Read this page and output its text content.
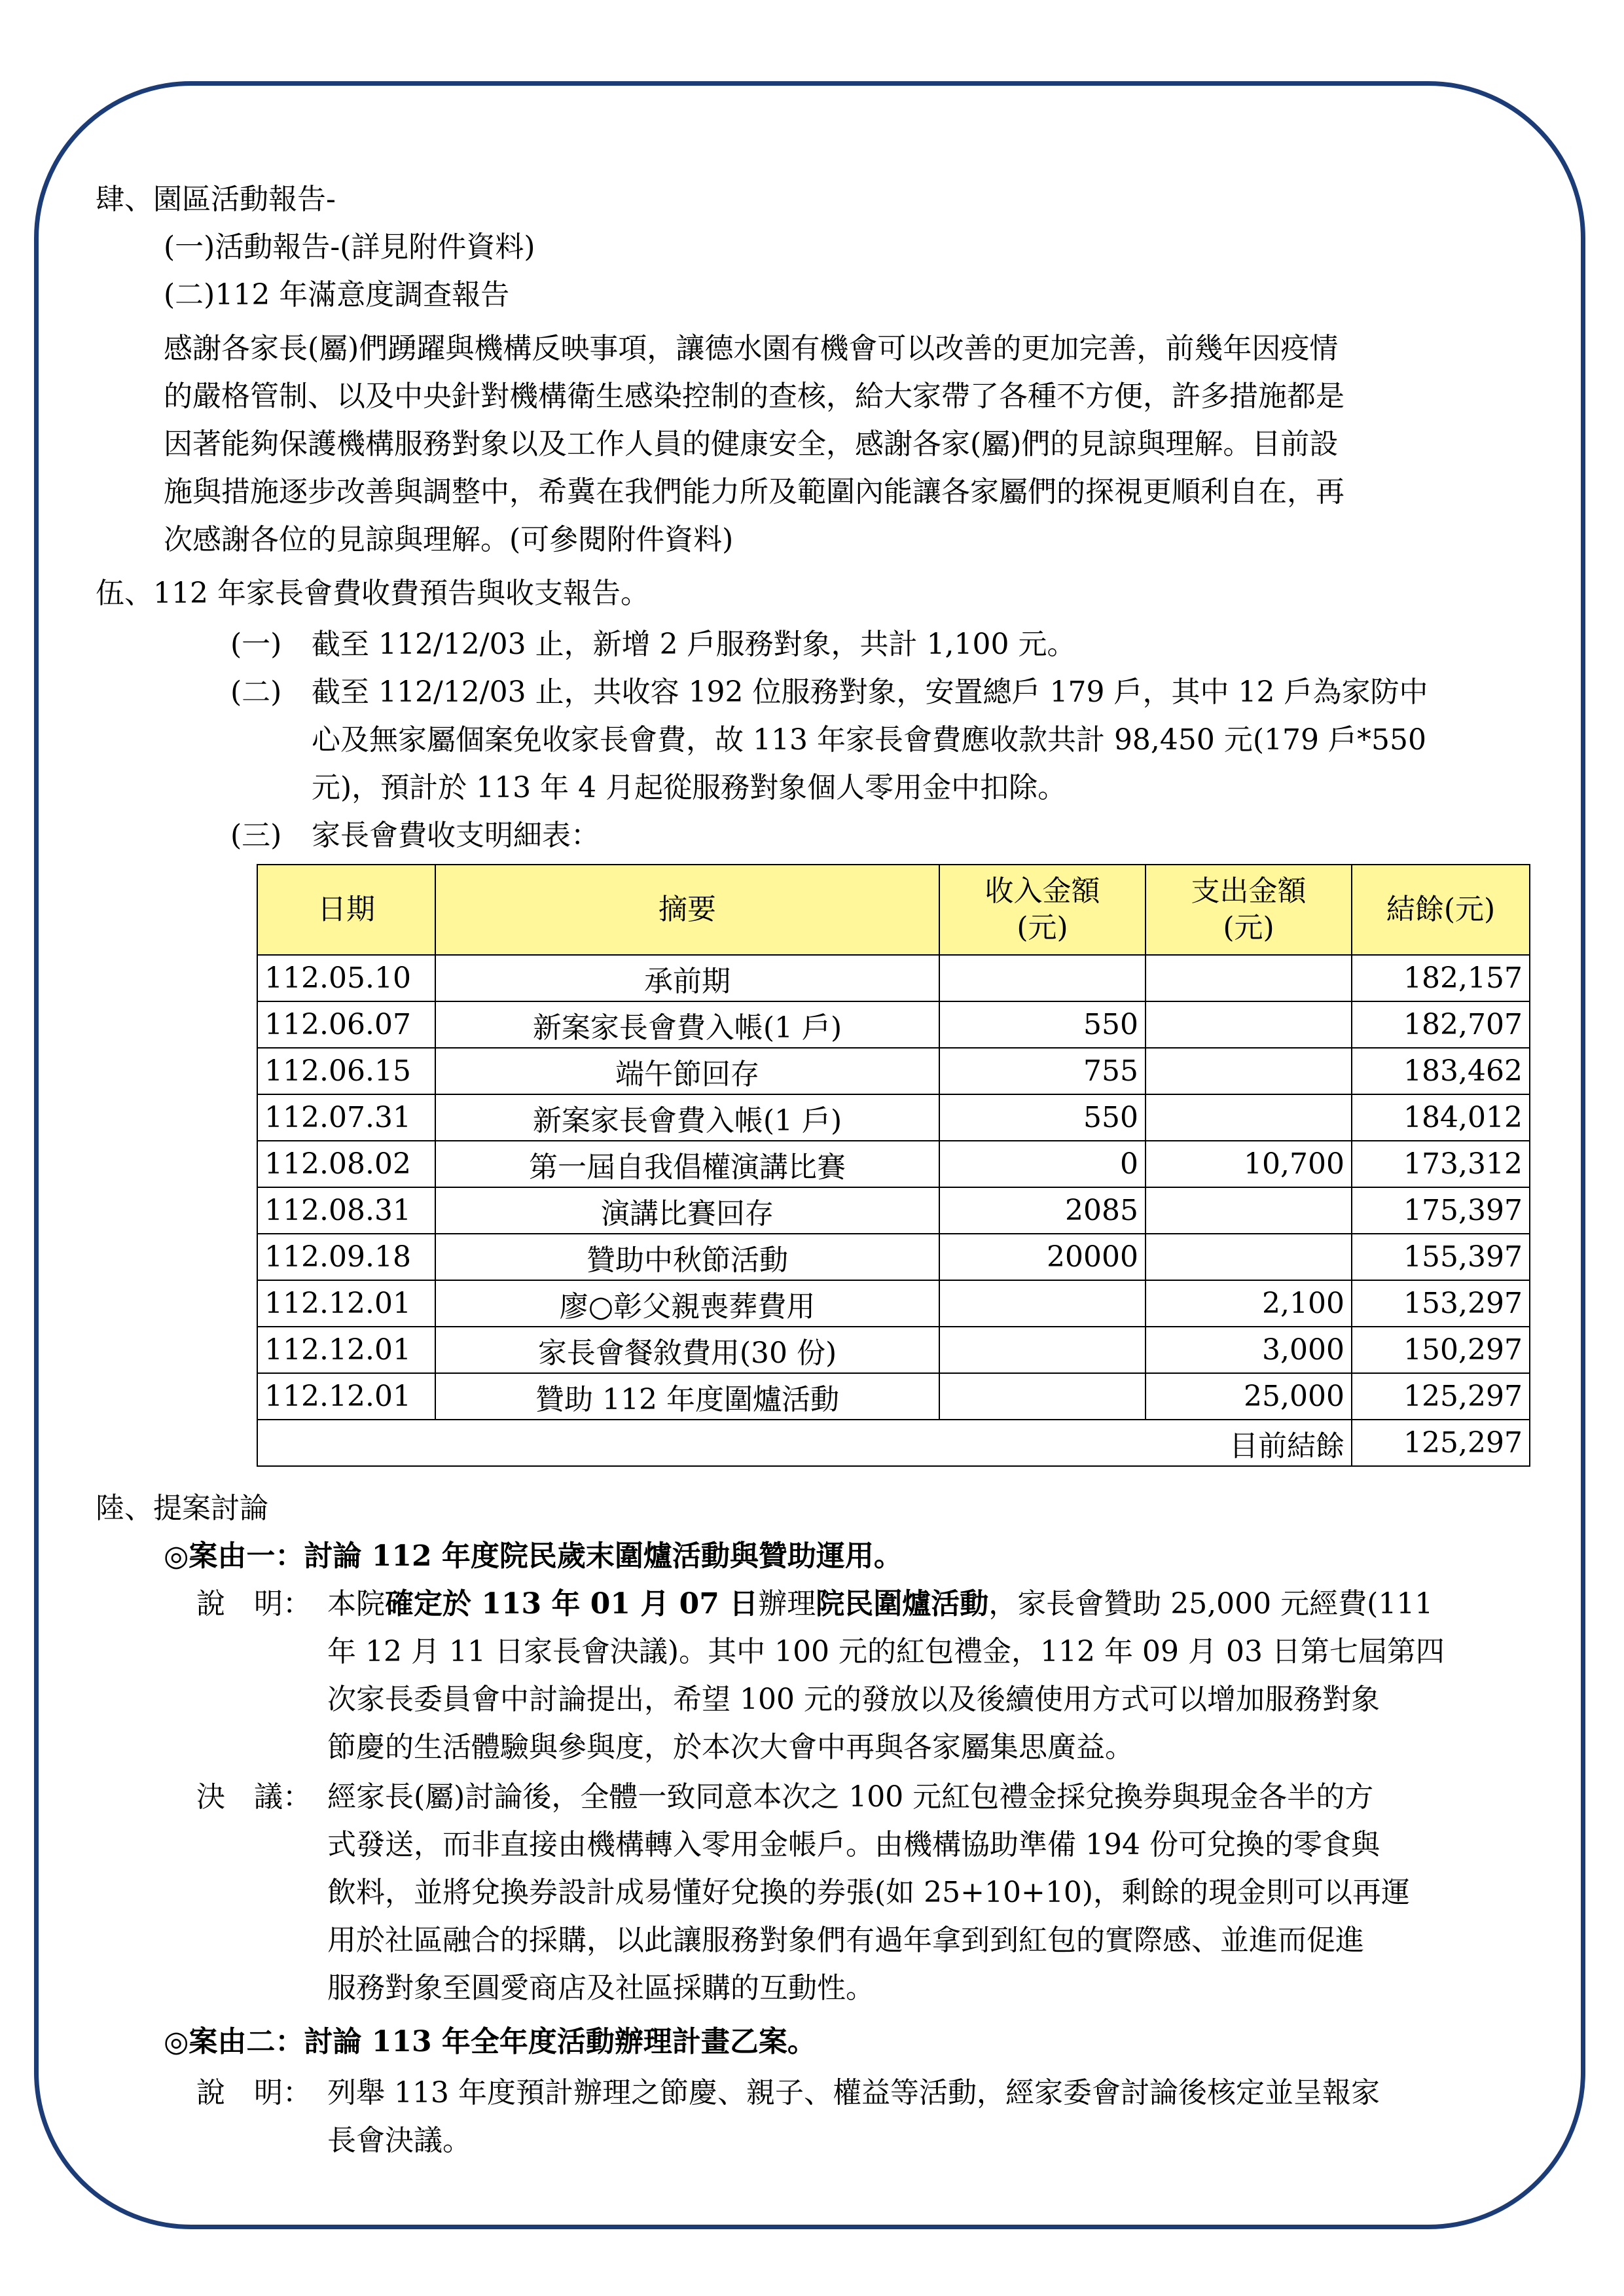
肆、園區活動報告-
(一)活動報告-(詳見附件資料)
(二)112 年滿意度調查報告
感謝各家長(屬)們踴躍與機構反映事項，讓德水園有機會可以改善的更加完善，前幾年因疫情
的嚴格管制、以及中央針對機構衛生感染控制的查核，給大家帶了各種不方便，許多措施都是
因著能夠保護機構服務對象以及工作人員的健康安全，感謝各家(屬)們的見諒與理解。目前設
施與措施逐步改善與調整中，希冀在我們能力所及範圍內能讓各家屬們的探視更順利自在，再
次感謝各位的見諒與理解。(可參閱附件資料)
伍、112 年家長會費收費預告與收支報告。
(一) 截至 112/12/03 止，新增 2 戶服務對象，共計 1,100 元。
(二) 截至 112/12/03 止，共收容 192 位服務對象，安置總戶 179 戶，其中 12 戶為家防中
心及無家屬個案免收家長會費，故 113 年家長會費應收款共計 98,450 元(179 戶*550
元)，預計於 113 年 4 月起從服務對象個人零用金中扣除。
(三) 家長會費收支明細表：
日期	摘要	收入金額
(元)	支出金額
(元)	結餘(元)
112.05.10	承前期			182,157
112.06.07	新案家長會費入帳(1 戶)	550		182,707
112.06.15	端午節回存	755		183,462
112.07.31	新案家長會費入帳(1 戶)	550		184,012
112.08.02	第一屆自我倡權演講比賽	0	10,700	173,312
112.08.31	演講比賽回存	2085		175,397
112.09.18	贊助中秋節活動	20000		155,397
112.12.01	廖○彰父親喪葬費用		2,100	153,297
112.12.01	家長會餐敘費用(30 份)		3,000	150,297
112.12.01	贊助 112 年度圍爐活動		25,000	125,297
目前結餘				125,297
陸、提案討論
◎案由一：討論 112 年度院民歲末圍爐活動與贊助運用。
說　明： 本院確定於 113 年 01 月 07 日辦理院民圍爐活動，家長會贊助 25,000 元經費(111
年 12 月 11 日家長會決議)。其中 100 元的紅包禮金，112 年 09 月 03 日第七屆第四
次家長委員會中討論提出，希望 100 元的發放以及後續使用方式可以增加服務對象
節慶的生活體驗與參與度，於本次大會中再與各家屬集思廣益。
決　議： 經家長(屬)討論後，全體一致同意本次之 100 元紅包禮金採兌換券與現金各半的方
式發送，而非直接由機構轉入零用金帳戶。由機構協助準備 194 份可兌換的零食與
飲料，並將兌換券設計成易懂好兌換的券張(如 25+10+10)，剩餘的現金則可以再運
用於社區融合的採購，以此讓服務對象們有過年拿到到紅包的實際感、並進而促進
服務對象至圓愛商店及社區採購的互動性。
◎案由二：討論 113 年全年度活動辦理計畫乙案。
說　明： 列舉 113 年度預計辦理之節慶、親子、權益等活動，經家委會討論後核定並呈報家
長會決議。
